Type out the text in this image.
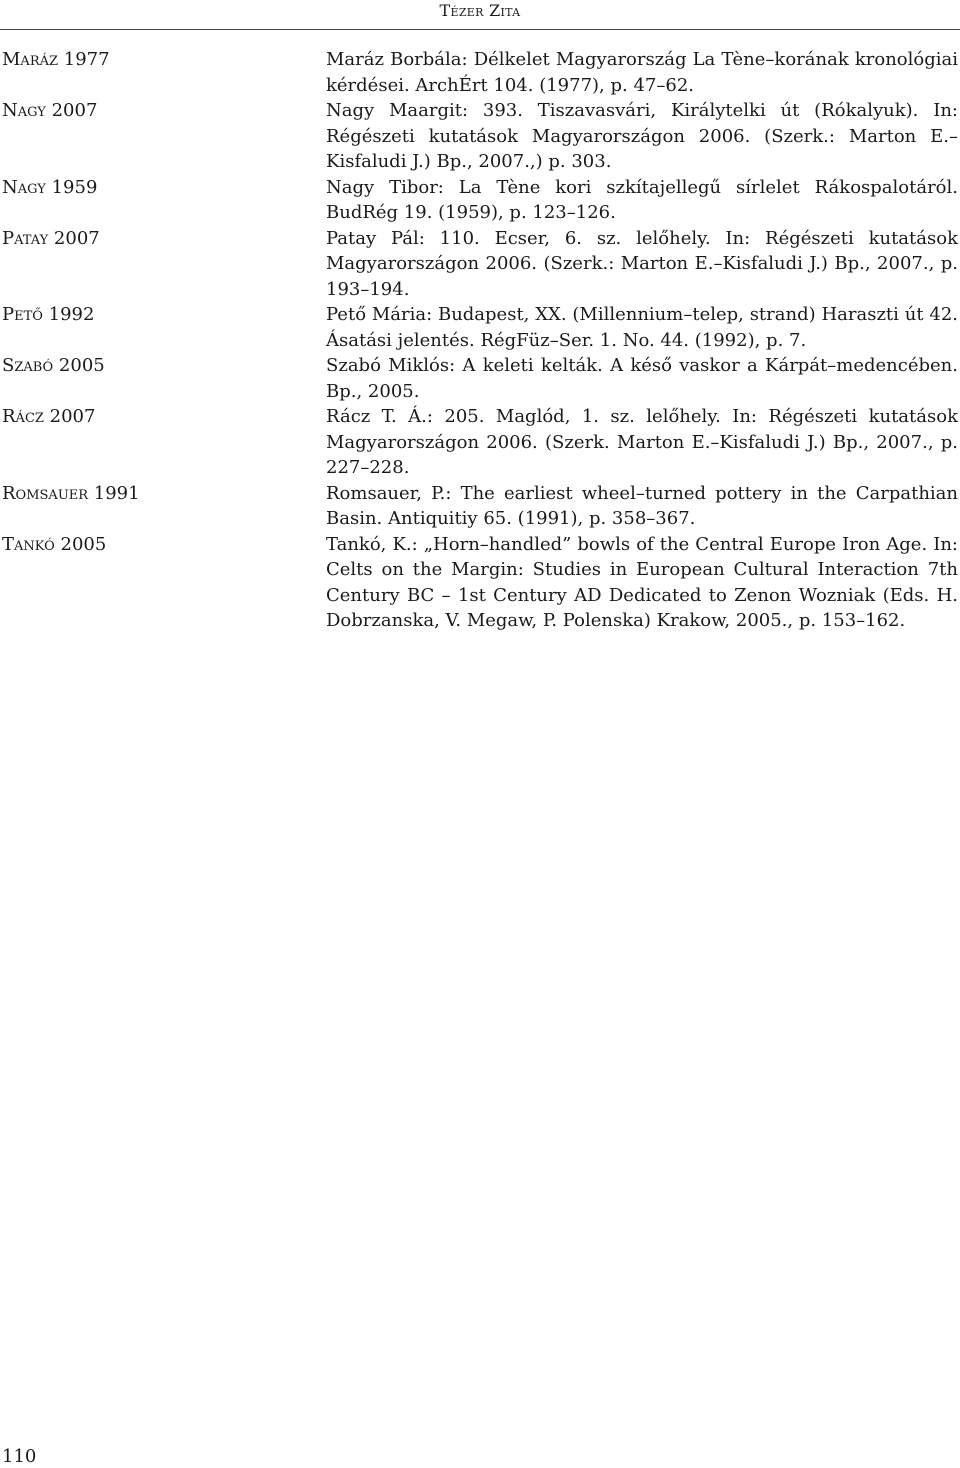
Tézer Zita
Maráz 1977	Maráz Borbála: Délkelet Magyarország La Tène–korának kronológiai kérdései. ArchÉrt 104. (1977), p. 47–62.
Nagy 2007	Nagy Maargit: 393. Tiszavasvári, Királytelki út (Rókalyuk). In: Régészeti kutatások Magyarországon 2006. (Szerk.: Marton E.–Kisfaludi J.) Bp., 2007.,) p. 303.
Nagy 1959	Nagy Tibor: La Tène kori szkítajellegű sírlelet Rákospalotáról. BudRég 19. (1959), p. 123–126.
Patay 2007	Patay Pál: 110. Ecser, 6. sz. lelőhely. In: Régészeti kutatások Magyarországon 2006. (Szerk.: Marton E.–Kisfaludi J.) Bp., 2007., p. 193–194.
Pető 1992	Pető Mária: Budapest, XX. (Millennium–telep, strand) Haraszti út 42. Ásatási jelentés. RégFüz–Ser. 1. No. 44. (1992), p. 7.
Szabó 2005	Szabó Miklós: A keleti kelták. A késő vaskor a Kárpát–medencében. Bp., 2005.
Rácz 2007	Rácz T. Á.: 205. Maglód, 1. sz. lelőhely. In: Régészeti kutatások Magyarországon 2006. (Szerk. Marton E.–Kisfaludi J.) Bp., 2007., p. 227–228.
Romsauer 1991	Romsauer, P.: The earliest wheel–turned pottery in the Carpathian Basin. Antiquitiy 65. (1991), p. 358–367.
Tankó 2005	Tankó, K.: „Horn–handled” bowls of the Central Europe Iron Age. In: Celts on the Margin: Studies in European Cultural Interaction 7th Century BC – 1st Century AD Dedicated to Zenon Wozniak (Eds. H. Dobrzanska, V. Megaw, P. Polenska) Krakow, 2005., p. 153–162.
110
